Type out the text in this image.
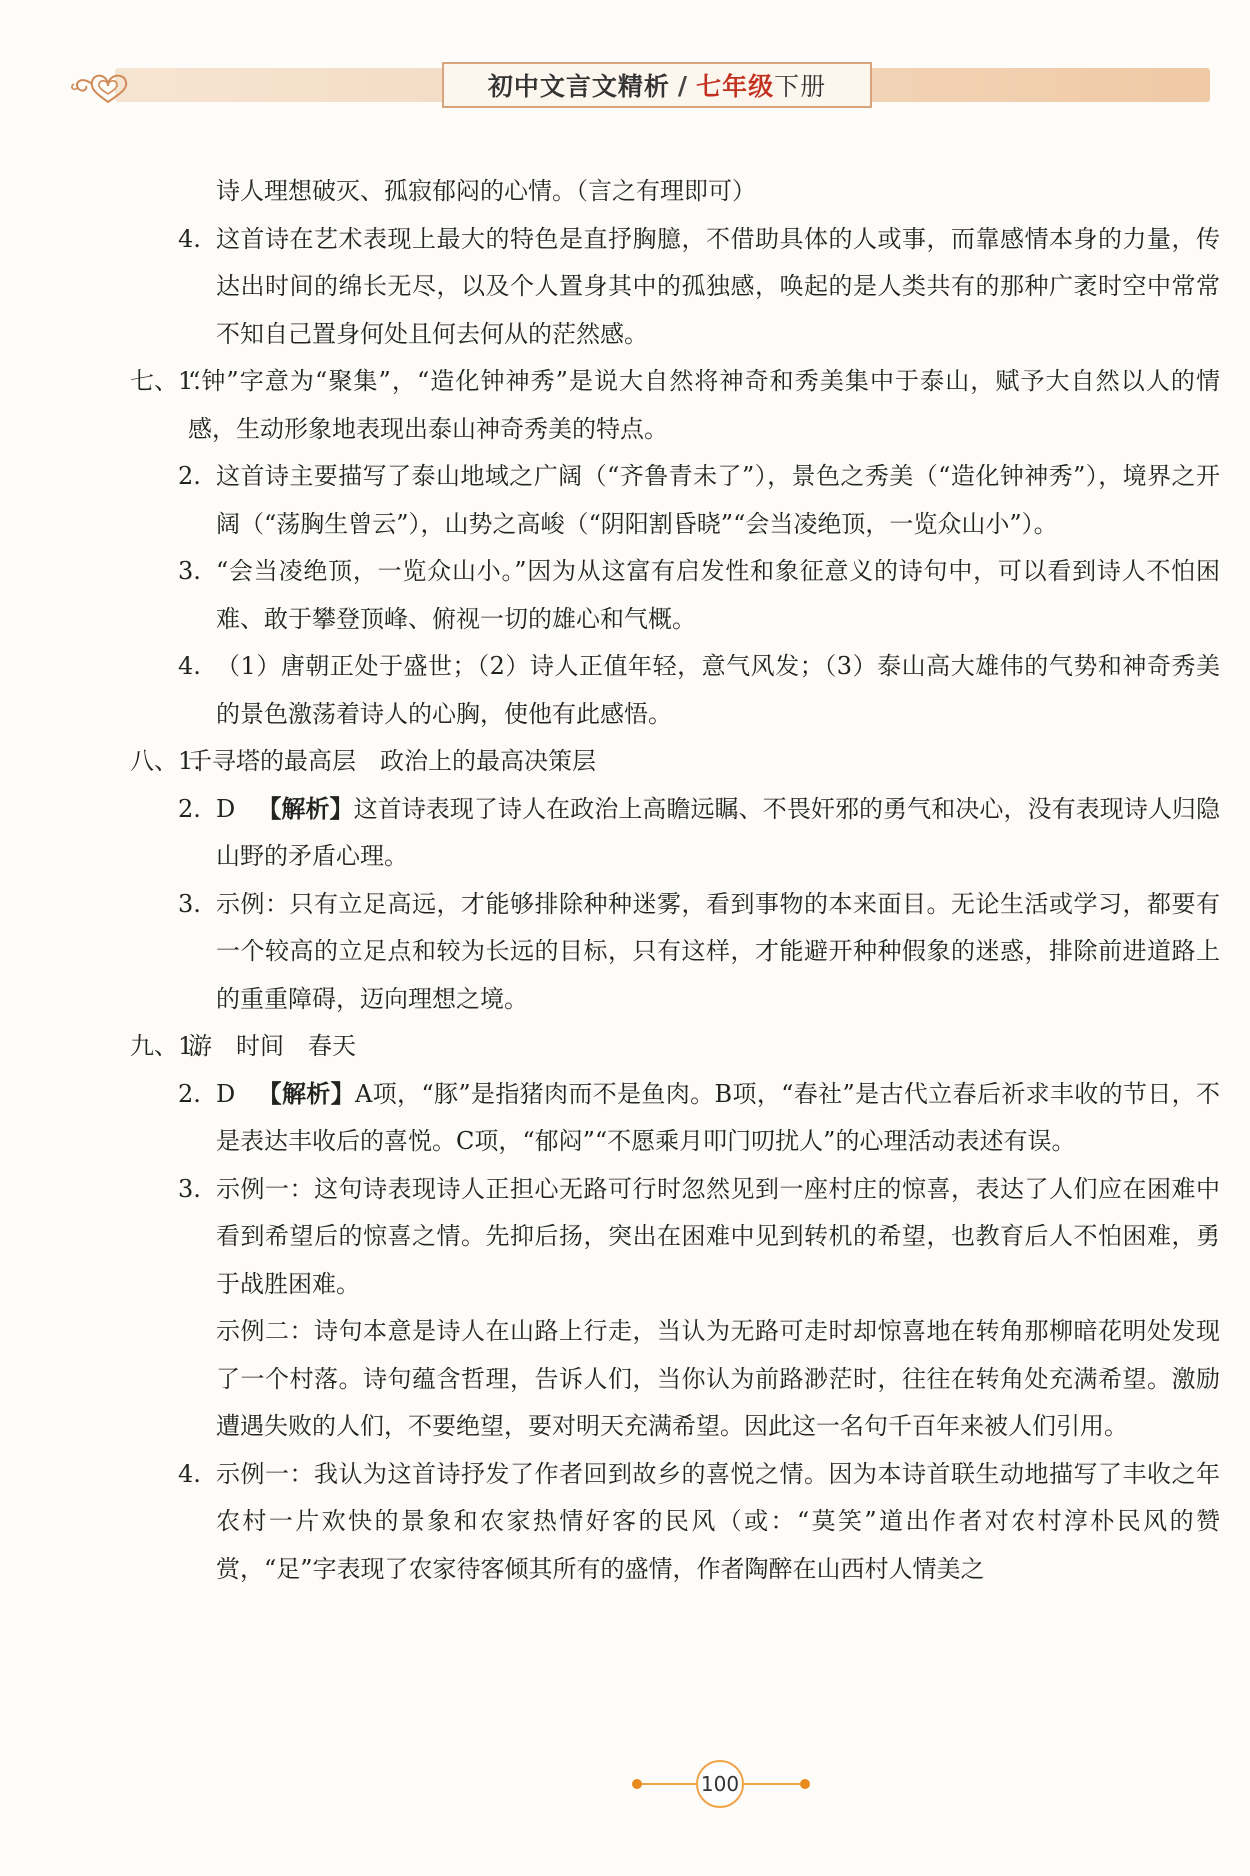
初中文言文精析 / 七年级 下册
诗人理想破灭、孤寂郁闷的心情。（言之有理即可）
4. 这首诗在艺术表现上最大的特色是直抒胸臆，不借助具体的人或事，而靠感情本身的力量，传达出时间的绵长无尽，以及个人置身其中的孤独感，唤起的是人类共有的那种广袤时空中常常不知自己置身何处且何去何从的茫然感。
七、1.
“钟”字意为“聚集”，“造化钟神秀”是说大自然将神奇和秀美集中于泰山，赋予大自然以人的情感，生动形象地表现出泰山神奇秀美的特点。
2. 这首诗主要描写了泰山地域之广阔（“齐鲁青未了”），景色之秀美（“造化钟神秀”），境界之开阔（“荡胸生曾云”），山势之高峻（“阴阳割昏晓”“会当凌绝顶，一览众山小”）。
3. “会当凌绝顶，一览众山小。”因为从这富有启发性和象征意义的诗句中，可以看到诗人不怕困难、敢于攀登顶峰、俯视一切的雄心和气概。
4. （1）唐朝正处于盛世；（2）诗人正值年轻，意气风发；（3）泰山高大雄伟的气势和神奇秀美的景色激荡着诗人的心胸，使他有此感悟。
八、1.
千寻塔的最高层　政治上的最高决策层
2. D 【解析】这首诗表现了诗人在政治上高瞻远瞩、不畏奸邪的勇气和决心，没有表现诗人归隐山野的矛盾心理。
3. 示例：只有立足高远，才能够排除种种迷雾，看到事物的本来面目。无论生活或学习，都要有一个较高的立足点和较为长远的目标，只有这样，才能避开种种假象的迷惑，排除前进道路上的重重障碍，迈向理想之境。
九、1.
游　时间　春天
2. D 【解析】A项，“豚”是指猪肉而不是鱼肉。B项，“春社”是古代立春后祈求丰收的节日，不是表达丰收后的喜悦。C项，“郁闷”“不愿乘月叩门叨扰人”的心理活动表述有误。
3. 示例一：这句诗表现诗人正担心无路可行时忽然见到一座村庄的惊喜，表达了人们应在困难中看到希望后的惊喜之情。先抑后扬，突出在困难中见到转机的希望，也教育后人不怕困难，勇于战胜困难。
示例二：诗句本意是诗人在山路上行走，当认为无路可走时却惊喜地在转角那柳暗花明处发现了一个村落。诗句蕴含哲理，告诉人们，当你认为前路渺茫时，往往在转角处充满希望。激励遭遇失败的人们，不要绝望，要对明天充满希望。因此这一名句千百年来被人们引用。
4. 示例一：我认为这首诗抒发了作者回到故乡的喜悦之情。因为本诗首联生动地描写了丰收之年农村一片欢快的景象和农家热情好客的民风（或：“莫笑”道出作者对农村淳朴民风的赞赏，“足”字表现了农家待客倾其所有的盛情，作者陶醉在山西村人情美之
100
